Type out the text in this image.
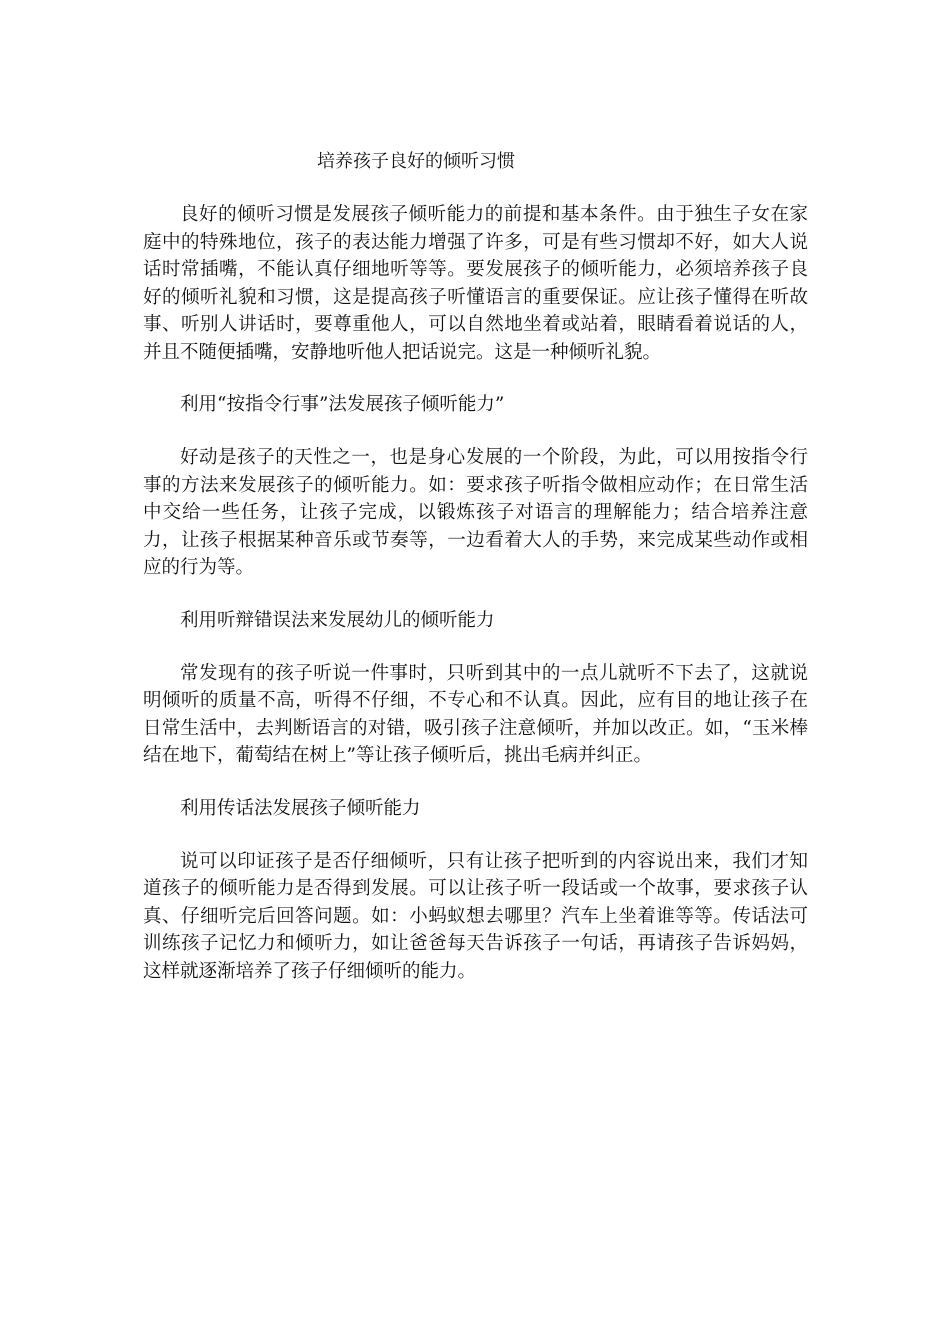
培养孩子良好的倾听习惯

良好的倾听习惯是发展孩子倾听能力的前提和基本条件。由于独生子女在家庭中的特殊地位，孩子的表达能力增强了许多，可是有些习惯却不好，如大人说话时常插嘴，不能认真仔细地听等等。要发展孩子的倾听能力，必须培养孩子良好的倾听礼貌和习惯，这是提高孩子听懂语言的重要保证。应让孩子懂得在听故事、听别人讲话时，要尊重他人，可以自然地坐着或站着，眼睛看着说话的人，并且不随便插嘴，安静地听他人把话说完。这是一种倾听礼貌。

利用“按指令行事”法发展孩子倾听能力”

好动是孩子的天性之一，也是身心发展的一个阶段，为此，可以用按指令行事的方法来发展孩子的倾听能力。如：要求孩子听指令做相应动作；在日常生活中交给一些任务，让孩子完成，以锻炼孩子对语言的理解能力；结合培养注意力，让孩子根据某种音乐或节奏等，一边看着大人的手势，来完成某些动作或相应的行为等。

利用听辩错误法来发展幼儿的倾听能力

常发现有的孩子听说一件事时，只听到其中的一点儿就听不下去了，这就说明倾听的质量不高，听得不仔细，不专心和不认真。因此，应有目的地让孩子在日常生活中，去判断语言的对错，吸引孩子注意倾听，并加以改正。如，“玉米棒结在地下，葡萄结在树上”等让孩子倾听后，挑出毛病并纠正。

利用传话法发展孩子倾听能力

说可以印证孩子是否仔细倾听，只有让孩子把听到的内容说出来，我们才知道孩子的倾听能力是否得到发展。可以让孩子听一段话或一个故事，要求孩子认真、仔细听完后回答问题。如：小蚂蚁想去哪里？汽车上坐着谁等等。传话法可训练孩子记忆力和倾听力，如让爸爸每天告诉孩子一句话，再请孩子告诉妈妈，这样就逐渐培养了孩子仔细倾听的能力。
